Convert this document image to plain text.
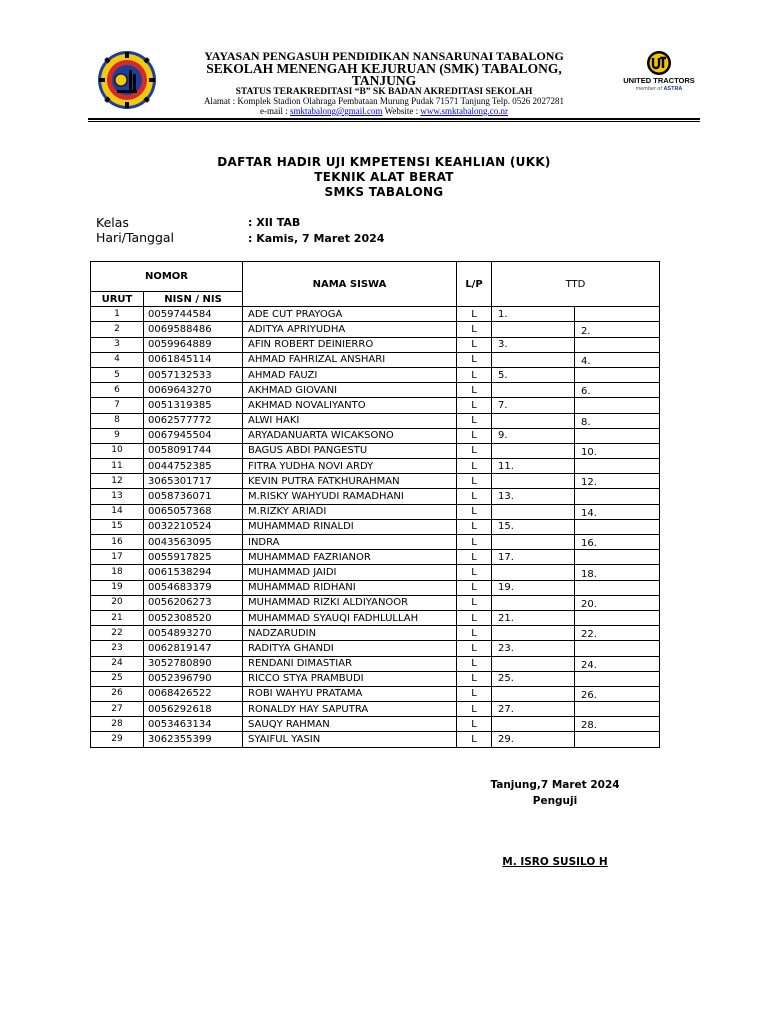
YAYASAN PENGASUH PENDIDIKAN NANSARUNAI TABALONG
SEKOLAH MENENGAH KEJURUAN (SMK) TABALONG,
TANJUNG
STATUS TERAKREDITASI “B” SK BADAN AKREDITASI SEKOLAH
Alamat : Komplek Stadion Olahraga Pembataan Murung Pudak 71571 Tanjung Telp. 0526 2027281
e-mail : smktabalong@gmail.com Website : www.smktabalong.co.nr
UNITED TRACTORS
member of ASTRA
DAFTAR HADIR UJI KMPETENSI KEAHLIAN (UKK)
TEKNIK ALAT BERAT
SMKS TABALONG
Kelas	: XII TAB
Hari/Tanggal	: Kamis, 7 Maret 2024
NOMOR		NAMA SISWA	L/P	TTD	
URUT	NISN / NIS				
1	0059744584	ADE CUT PRAYOGA	L	1.	
2	0069588486	ADITYA APRIYUDHA	L		2.
3	0059964889	AFIN ROBERT DEINIERRO	L	3.	
4	0061845114	AHMAD FAHRIZAL ANSHARI	L		4.
5	0057132533	AHMAD FAUZI	L	5.	
6	0069643270	AKHMAD GIOVANI	L		6.
7	0051319385	AKHMAD NOVALIYANTO	L	7.	
8	0062577772	ALWI HAKI	L		8.
9	0067945504	ARYADANUARTA WICAKSONO	L	9.	
10	0058091744	BAGUS ABDI PANGESTU	L		10.
11	0044752385	FITRA YUDHA NOVI ARDY	L	11.	
12	3065301717	KEVIN PUTRA FATKHURAHMAN	L		12.
13	0058736071	M.RISKY WAHYUDI RAMADHANI	L	13.	
14	0065057368	M.RIZKY ARIADI	L		14.
15	0032210524	MUHAMMAD RINALDI	L	15.	
16	0043563095	INDRA	L		16.
17	0055917825	MUHAMMAD FAZRIANOR	L	17.	
18	0061538294	MUHAMMAD JAIDI	L		18.
19	0054683379	MUHAMMAD RIDHANI	L	19.	
20	0056206273	MUHAMMAD RIZKI ALDIYANOOR	L		20.
21	0052308520	MUHAMMAD SYAUQI FADHLULLAH	L	21.	
22	0054893270	NADZARUDIN	L		22.
23	0062819147	RADITYA GHANDI	L	23.	
24	3052780890	RENDANI DIMASTIAR	L		24.
25	0052396790	RICCO STYA PRAMBUDI	L	25.	
26	0068426522	ROBI WAHYU PRATAMA	L		26.
27	0056292618	RONALDY HAY SAPUTRA	L	27.	
28	0053463134	SAUQY RAHMAN	L		28.
29	3062355399	SYAIFUL YASIN	L	29.	
Tanjung,7 Maret 2024
Penguji
M. ISRO SUSILO H
